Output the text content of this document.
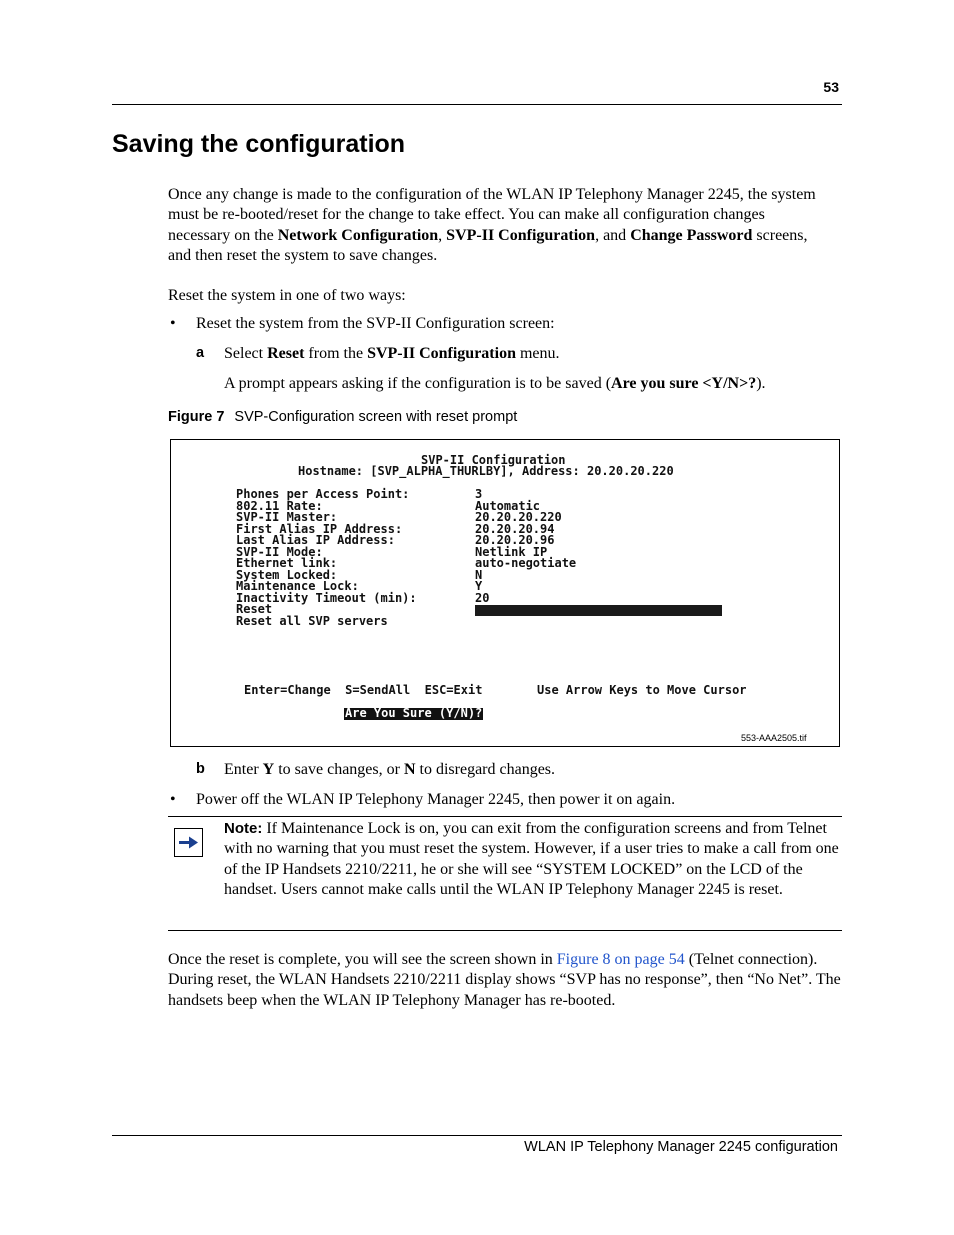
53
Saving the configuration

Once any change is made to the configuration of the WLAN IP Telephony Manager 2245, the system must be re-booted/reset for the change to take effect. You can make all configuration changes necessary on the Network Configuration, SVP-II Configuration, and Change Password screens, and then reset the system to save changes.

Reset the system in one of two ways:

• Reset the system from the SVP-II Configuration screen:
a Select Reset from the SVP-II Configuration menu.
A prompt appears asking if the configuration is to be saved (Are you sure <Y/N>?).
Figure 7 SVP-Configuration screen with reset prompt
SVP-II Configuration
Hostname: [SVP_ALPHA_THURLBY], Address: 20.20.20.220
Phones per Access Point:
802.11 Rate:
SVP-II Master:
First Alias IP Address:
Last Alias IP Address:
SVP-II Mode:
Ethernet link:
System Locked:
Maintenance Lock:
Inactivity Timeout (min):
Reset
Reset all SVP servers
3
Automatic
20.20.20.220
20.20.20.94
20.20.20.96
Netlink IP
auto-negotiate
N
Y
20
Enter=Change  S=SendAll  ESC=Exit	Use Arrow Keys to Move Cursor
Are You Sure (Y/N)?
553-AAA2505.tif
b Enter Y to save changes, or N to disregard changes.
• Power off the WLAN IP Telephony Manager 2245, then power it on again.

Note: If Maintenance Lock is on, you can exit from the configuration screens and from Telnet with no warning that you must reset the system. However, if a user tries to make a call from one of the IP Handsets 2210/2211, he or she will see “SYSTEM LOCKED” on the LCD of the handset. Users cannot make calls until the WLAN IP Telephony Manager 2245 is reset.

Once the reset is complete, you will see the screen shown in Figure 8 on page 54 (Telnet connection). During reset, the WLAN Handsets 2210/2211 display shows “SVP has no response”, then “No Net”. The handsets beep when the WLAN IP Telephony Manager has re-booted.

WLAN IP Telephony Manager 2245 configuration
